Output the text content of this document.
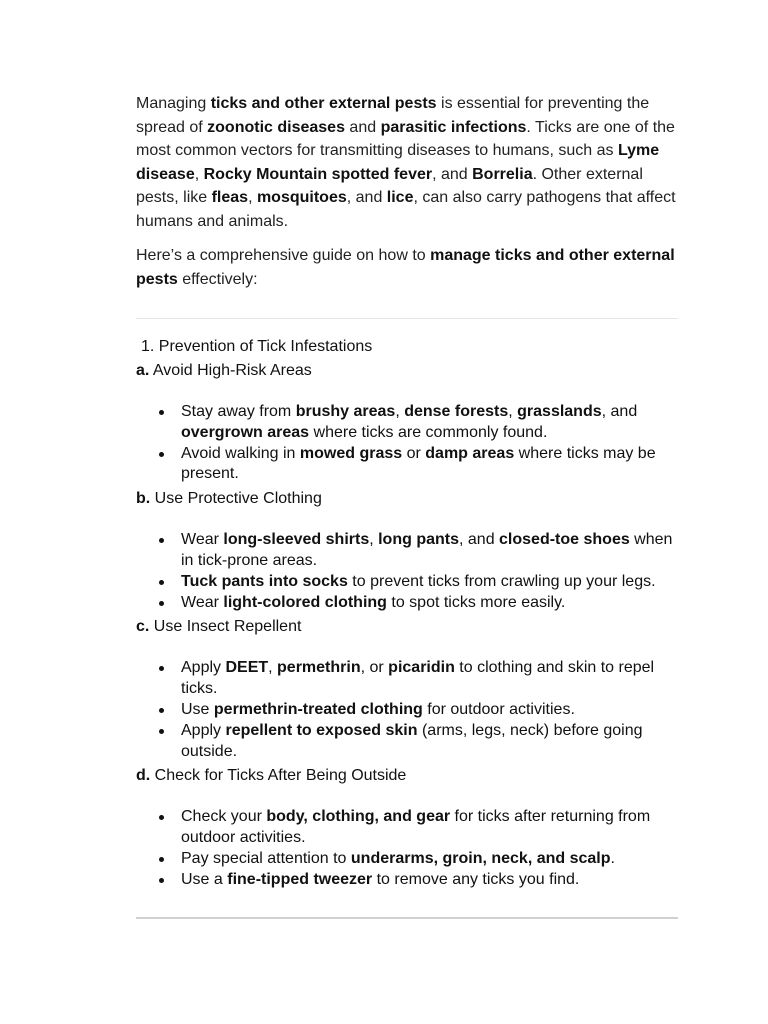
Managing ticks and other external pests is essential for preventing the spread of zoonotic diseases and parasitic infections. Ticks are one of the most common vectors for transmitting diseases to humans, such as Lyme disease, Rocky Mountain spotted fever, and Borrelia. Other external pests, like fleas, mosquitoes, and lice, can also carry pathogens that affect humans and animals.

Here’s a comprehensive guide on how to manage ticks and other external pests effectively:

1. Prevention of Tick Infestations
a. Avoid High-Risk Areas
Stay away from brushy areas, dense forests, grasslands, and overgrown areas where ticks are commonly found.
Avoid walking in mowed grass or damp areas where ticks may be present.
b. Use Protective Clothing
Wear long-sleeved shirts, long pants, and closed-toe shoes when in tick-prone areas.
Tuck pants into socks to prevent ticks from crawling up your legs.
Wear light-colored clothing to spot ticks more easily.
c. Use Insect Repellent
Apply DEET, permethrin, or picaridin to clothing and skin to repel ticks.
Use permethrin-treated clothing for outdoor activities.
Apply repellent to exposed skin (arms, legs, neck) before going outside.
d. Check for Ticks After Being Outside
Check your body, clothing, and gear for ticks after returning from outdoor activities.
Pay special attention to underarms, groin, neck, and scalp.
Use a fine-tipped tweezer to remove any ticks you find.
